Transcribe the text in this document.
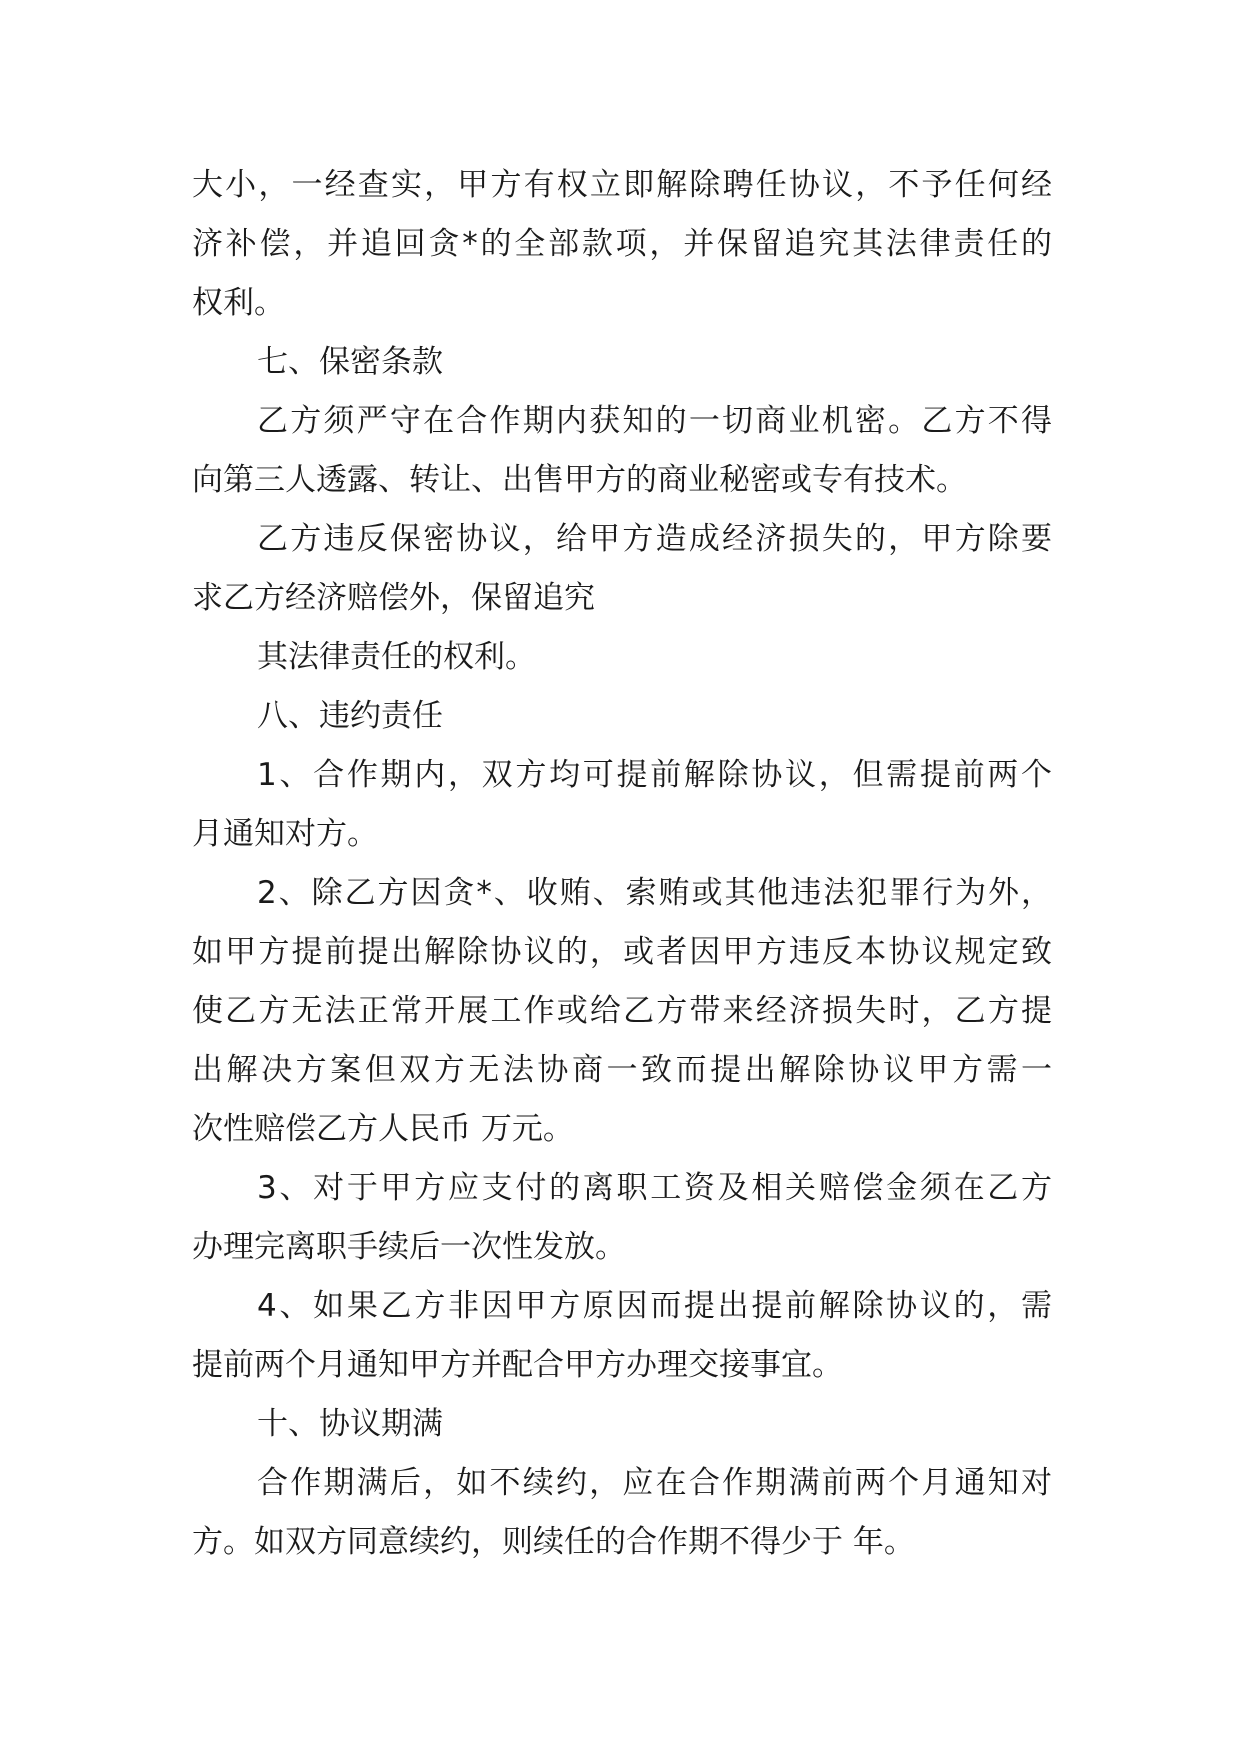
大小，一经查实，甲方有权立即解除聘任协议，不予任何经
济补偿，并追回贪*的全部款项，并保留追究其法律责任的
权利。
七、保密条款
乙方须严守在合作期内获知的一切商业机密。乙方不得
向第三人透露、转让、出售甲方的商业秘密或专有技术。
乙方违反保密协议，给甲方造成经济损失的，甲方除要
求乙方经济赔偿外，保留追究
其法律责任的权利。
八、违约责任
1、合作期内，双方均可提前解除协议，但需提前两个
月通知对方。
2、除乙方因贪*、收贿、索贿或其他违法犯罪行为外，
如甲方提前提出解除协议的，或者因甲方违反本协议规定致
使乙方无法正常开展工作或给乙方带来经济损失时，乙方提
出解决方案但双方无法协商一致而提出解除协议甲方需一
次性赔偿乙方人民币 万元。
3、对于甲方应支付的离职工资及相关赔偿金须在乙方
办理完离职手续后一次性发放。
4、如果乙方非因甲方原因而提出提前解除协议的，需
提前两个月通知甲方并配合甲方办理交接事宜。
十、协议期满
合作期满后，如不续约，应在合作期满前两个月通知对
方。如双方同意续约，则续任的合作期不得少于 年。
